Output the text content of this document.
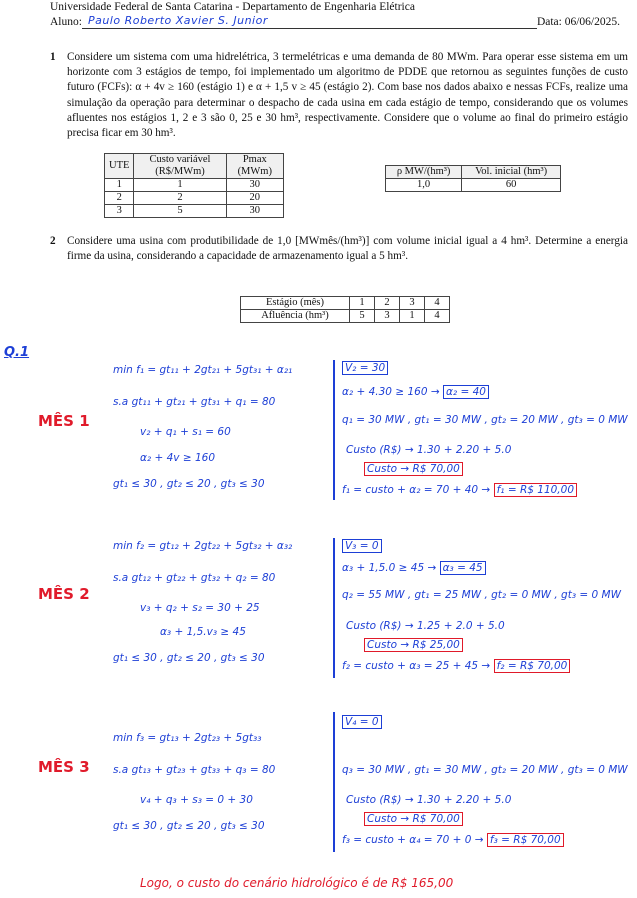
Universidade Federal de Santa Catarina - Departamento de Engenharia Elétrica
Aluno: Paulo Roberto Xavier S. Junior	Data: 06/06/2025.
1 Considere um sistema com uma hidrelétrica, 3 termelétricas e uma demanda de 80 MWm. Para operar esse sistema em um horizonte com 3 estágios de tempo, foi implementado um algoritmo de PDDE que retornou as seguintes funções de custo futuro (FCFs): α + 4v ≥ 160 (estágio 1) e α + 1,5 v ≥ 45 (estágio 2). Com base nos dados abaixo e nessas FCFs, realize uma simulação da operação para determinar o despacho de cada usina em cada estágio de tempo, considerando que os volumes afluentes nos estágios 1, 2 e 3 são 0, 25 e 30 hm³, respectivamente. Considere que o volume ao final do primeiro estágio precisa ficar em 30 hm³.
UTE	Custo variável (R$/MWm)	Pmax (MWm)
1	1	30
2	2	20
3	5	30
ρ MW/(hm³)	Vol. inicial (hm³)
1,0	60
2 Considere uma usina com produtibilidade de 1,0 [MWmês/(hm³)] com volume inicial igual a 4 hm³. Determine a energia firme da usina, considerando a capacidade de armazenamento igual a 5 hm³.
Estágio (mês)	1	2	3	4
Afluência (hm³)	5	3	1	4
Q.1
MÊS 1
min f₁ = gt₁₁ + 2gt₂₁ + 5gt₃₁ + α₂₁
s.a gt₁₁ + gt₂₁ + gt₃₁ + q₁ = 80
v₂ + q₁ + s₁ = 60
α₂ + 4v ≥ 160
gt₁ ≤ 30 , gt₂ ≤ 20 , gt₃ ≤ 30
V₂ = 30
α₂ + 4.30 ≥ 160 → α₂ = 40
q₁ = 30 MW , gt₁ = 30 MW , gt₂ = 20 MW , gt₃ = 0 MW
Custo (R$) → 1.30 + 2.20 + 5.0
Custo → R$ 70,00
f₁ = custo + α₂ = 70 + 40 → f₁ = R$ 110,00
MÊS 2
min f₂ = gt₁₂ + 2gt₂₂ + 5gt₃₂ + α₃₂
s.a gt₁₂ + gt₂₂ + gt₃₂ + q₂ = 80
v₃ + q₂ + s₂ = 30 + 25
α₃ + 1,5.v₃ ≥ 45
gt₁ ≤ 30 , gt₂ ≤ 20 , gt₃ ≤ 30
V₃ = 0
α₃ + 1,5.0 ≥ 45 → α₃ = 45
q₂ = 55 MW , gt₁ = 25 MW , gt₂ = 0 MW , gt₃ = 0 MW
Custo (R$) → 1.25 + 2.0 + 5.0
Custo → R$ 25,00
f₂ = custo + α₃ = 25 + 45 → f₂ = R$ 70,00
MÊS 3
min f₃ = gt₁₃ + 2gt₂₃ + 5gt₃₃
s.a gt₁₃ + gt₂₃ + gt₃₃ + q₃ = 80
v₄ + q₃ + s₃ = 0 + 30
gt₁ ≤ 30 , gt₂ ≤ 20 , gt₃ ≤ 30
V₄ = 0
q₃ = 30 MW , gt₁ = 30 MW , gt₂ = 20 MW , gt₃ = 0 MW
Custo (R$) → 1.30 + 2.20 + 5.0
Custo → R$ 70,00
f₃ = custo + α₄ = 70 + 0 → f₃ = R$ 70,00
Logo, o custo do cenário hidrológico é de R$ 165,00
